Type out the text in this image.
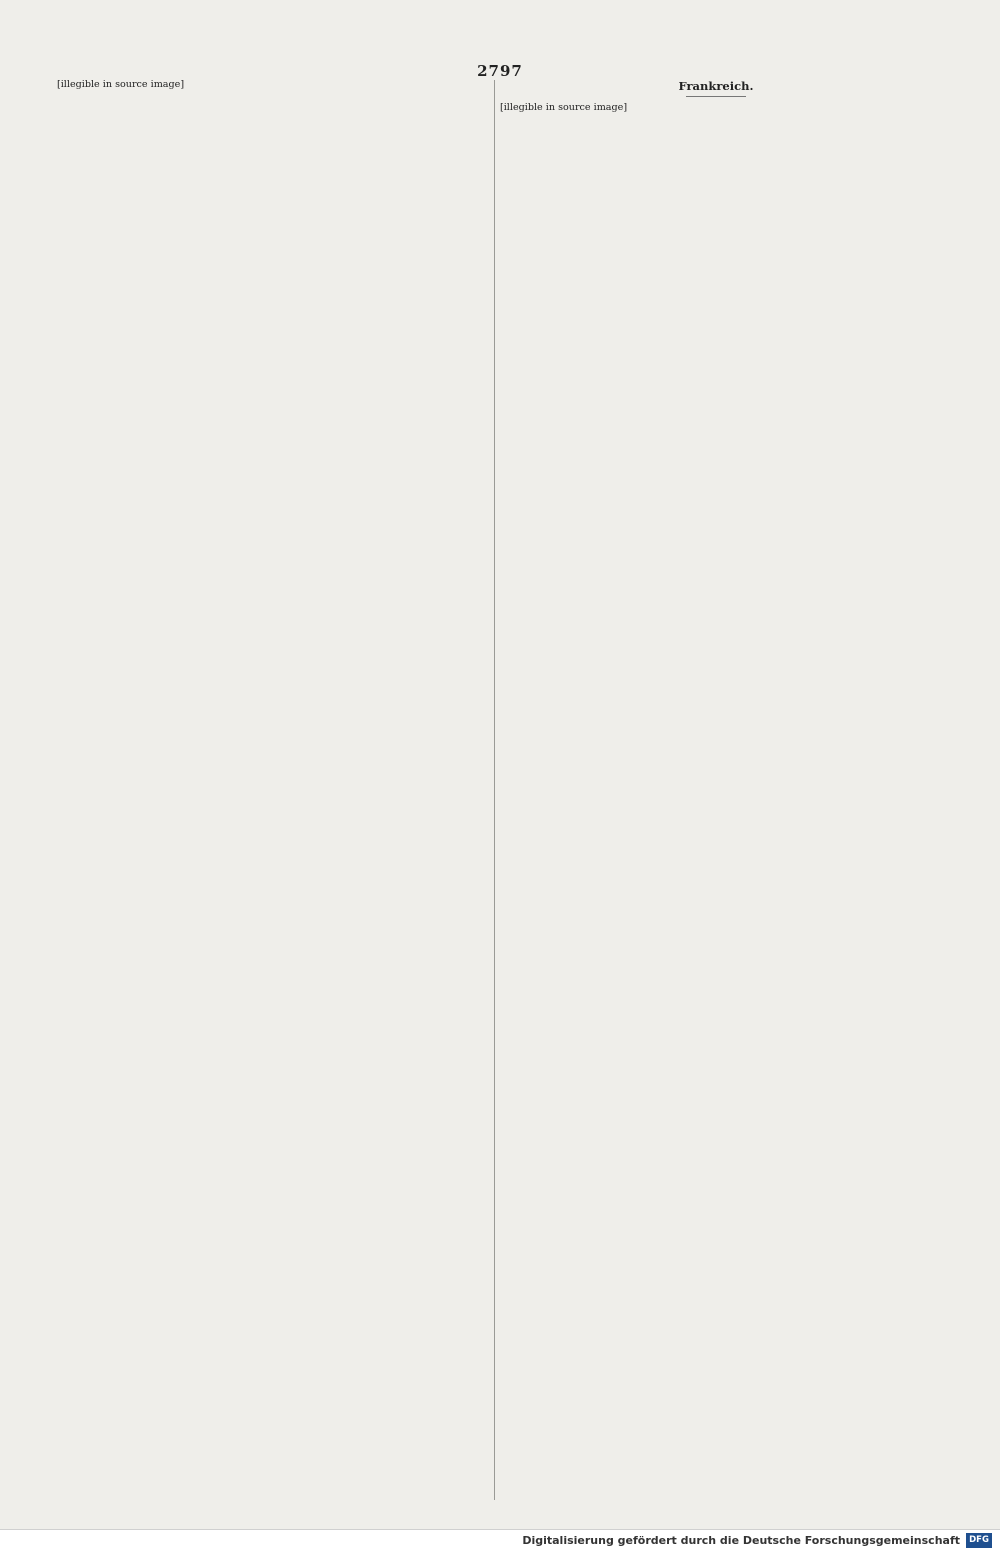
2797

[illegible in source image]	Frankreich.

[illegible in source image]

Digitalisierung gefördert durch die Deutsche Forschungsgemeinschaft	DFG
